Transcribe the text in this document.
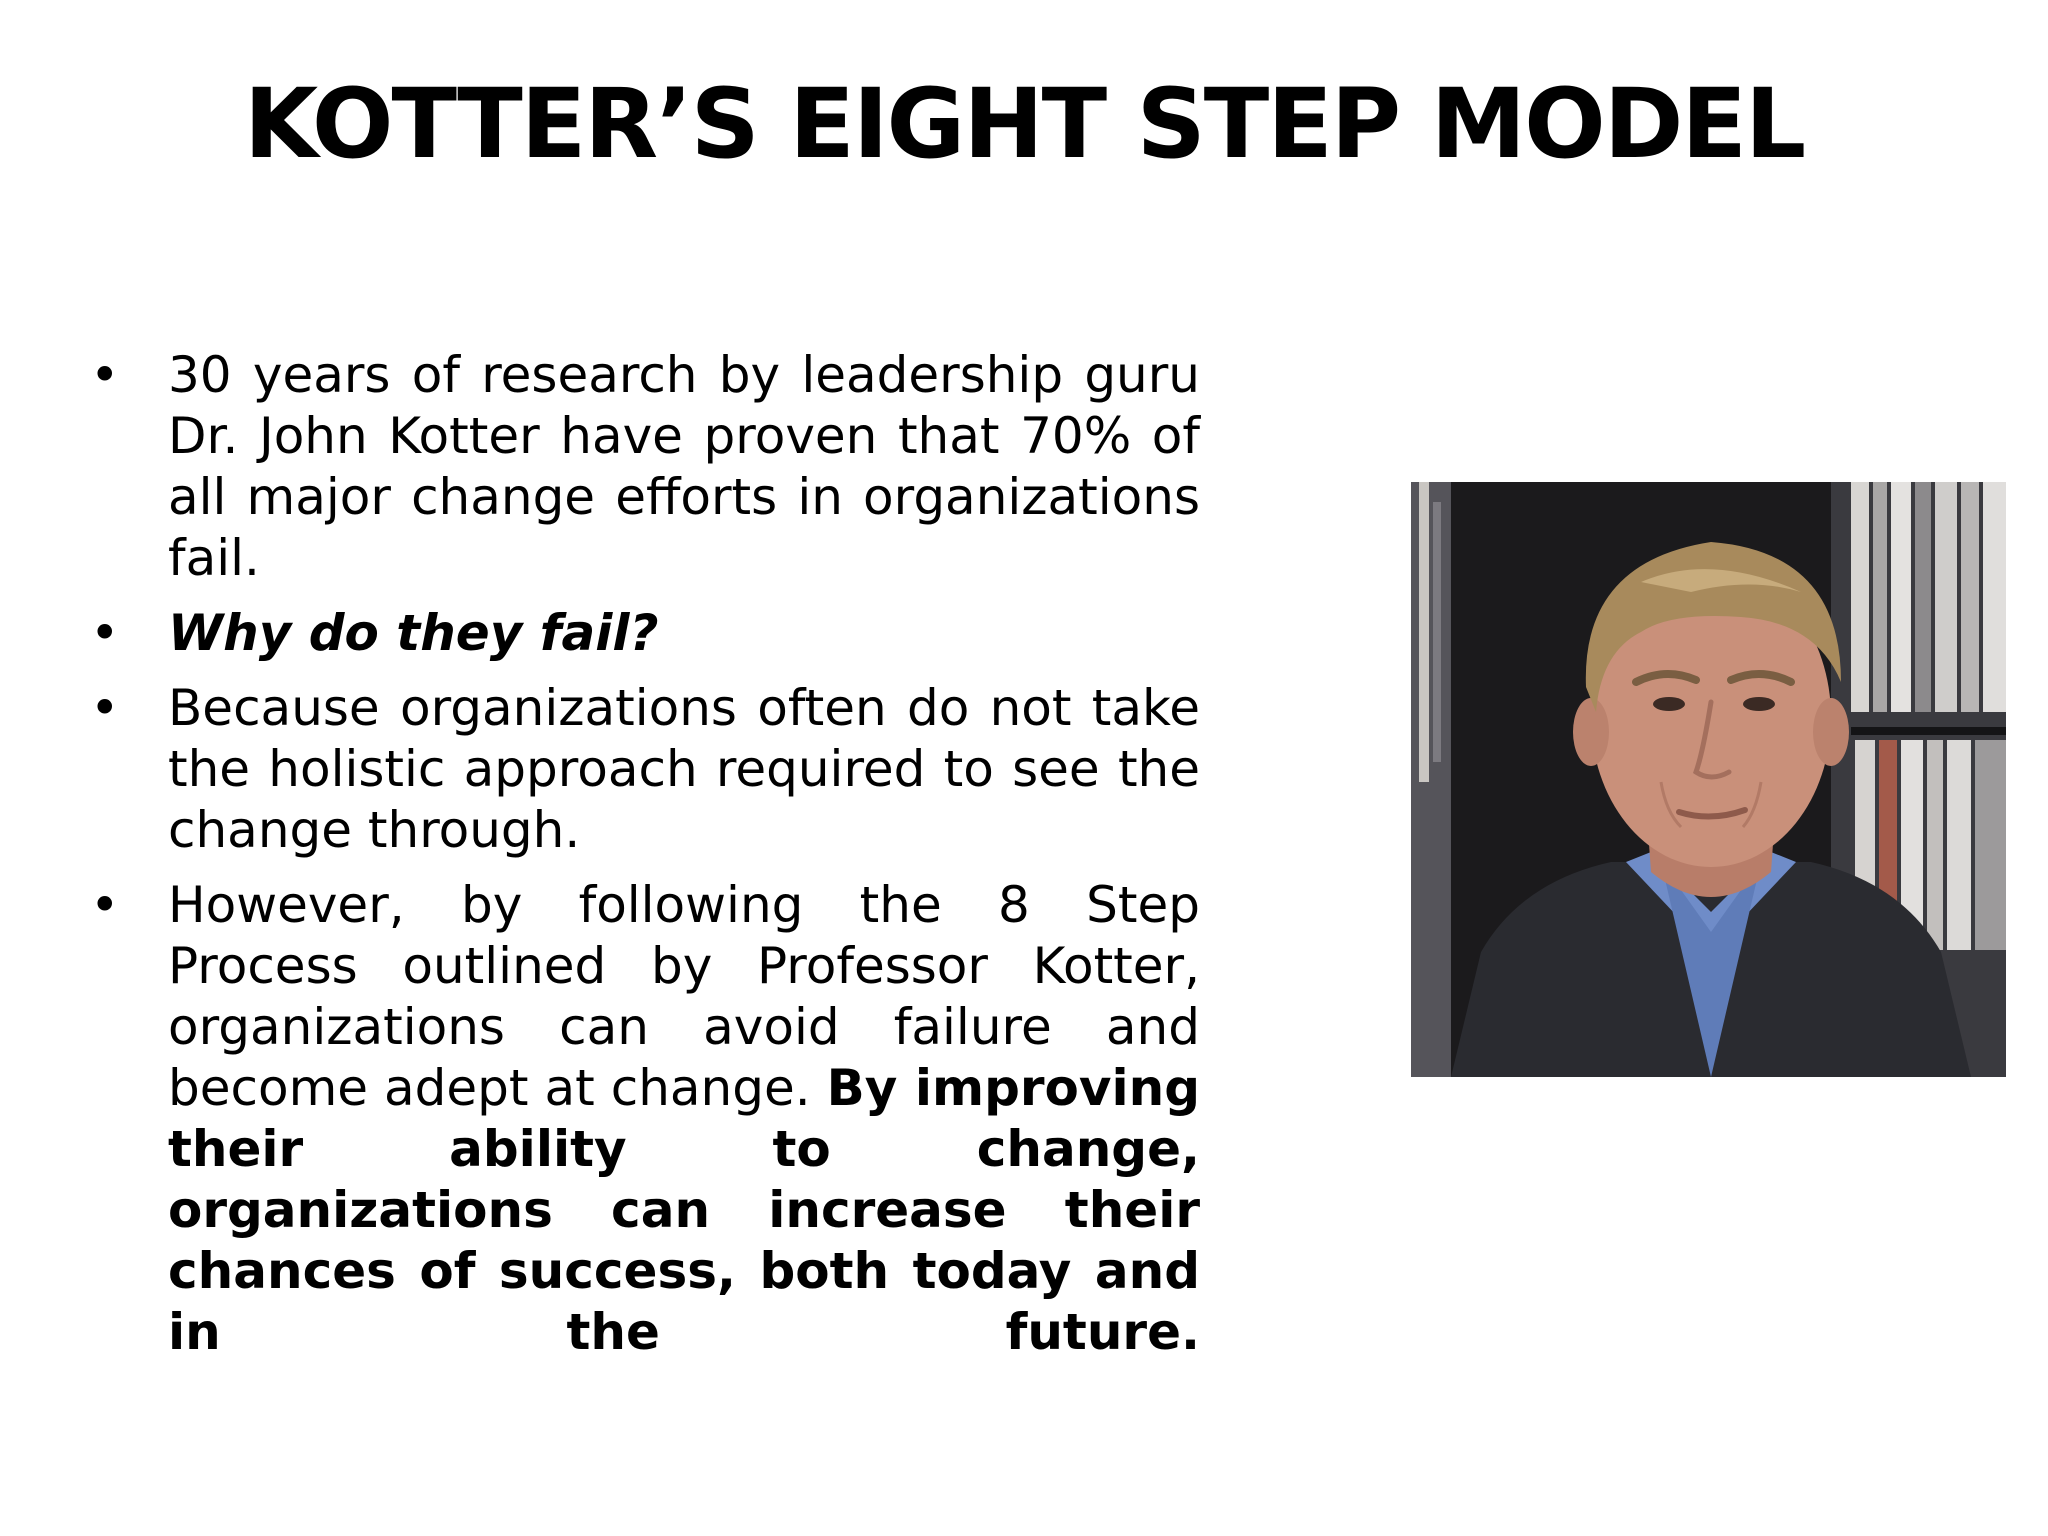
KOTTER’S EIGHT STEP MODEL
• 30 years of research by leadership guru Dr. John Kotter have proven that 70% of all major change efforts in organizations fail.
• Why do they fail?
• Because organizations often do not take the holistic approach required to see the change through.
• However, by following the 8 Step Process outlined by Professor Kotter, organizations can avoid failure and become adept at change. By improving their ability to change, organizations can increase their chances of success, both today and in the future.
